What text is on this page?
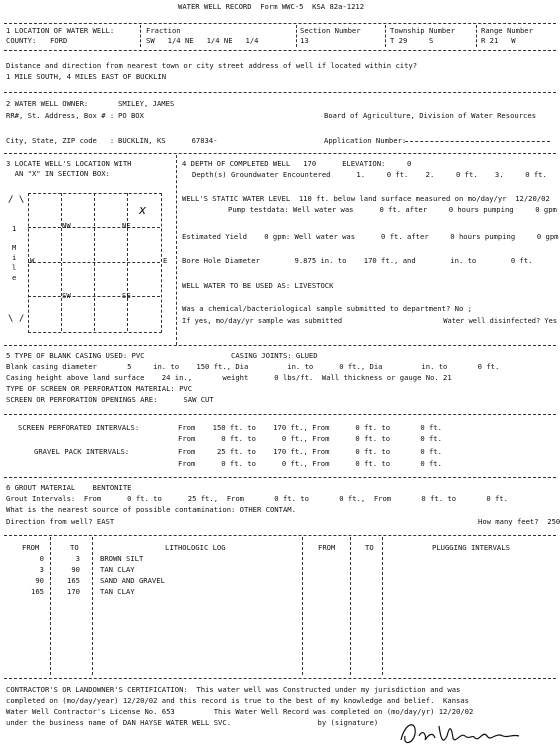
WATER WELL RECORD  Form WWC-5  KSA 82a-1212
1 LOCATION OF WATER WELL:
COUNTY: FORD
Fraction
SW   1/4 NE   1/4 NE   1/4
Section Number
13
Township Number
T 29     S
Range Number
R 21   W
Distance and direction from nearest town or city street address of well if located within city?
1 MILE SOUTH, 4 MILES EAST OF BUCKLIN
2 WATER WELL OWNER:	SMILEY, JAMES
RR#, St. Address, Box # : PO BOX	Board of Agriculture, Division of Water Resources
City, State, ZIP code   : BUCKLIN, KS      67834-	Application Number:
3 LOCATE WELL'S LOCATION WITH
AN "X" IN SECTION BOX:
NW	NE
SW	SE
W	E
1
M
i
l
e
/ \
\ /
x
4 DEPTH OF COMPLETED WELL   170      ELEVATION:     0
Depth(s) Groundwater Encountered      1.     0 ft.    2.     0 ft.    3.     0 ft.
WELL'S STATIC WATER LEVEL  110 ft. below land surface measured on mo/day/yr  12/20/02
Pump testdata: Well water was      0 ft. after     0 hours pumping     0 gpm
Estimated Yield    0 gpm: Well water was      0 ft. after     0 hours pumping     0 gpm
Bore Hole Diameter        9.875 in. to    170 ft., and        in. to        0 ft.
WELL WATER TO BE USED AS: LIVESTOCK
Was a chemical/bacteriological sample submitted to department? No ;
If yes, mo/day/yr sample was submitted                        Water well disinfected? Yes
5 TYPE OF BLANK CASING USED: PVC                    CASING JOINTS: GLUED
Blank casing diameter       5     in. to    150 ft., Dia         in. to      0 ft., Dia         in. to       0 ft.
Casing height above land surface    24 in.,       weight      0 lbs/ft.  Wall thickness or gauge No. 21
TYPE OF SCREEN OR PERFORATION MATERIAL: PVC
SCREEN OR PERFORATION OPENINGS ARE:      SAW CUT
SCREEN PERFORATED INTERVALS:	From    150 ft. to    170 ft., From      0 ft. to       0 ft.
From      0 ft. to      0 ft., From      0 ft. to       0 ft.
GRAVEL PACK INTERVALS:	From     25 ft. to    170 ft., From      0 ft. to       0 ft.
From      0 ft. to      0 ft., From      0 ft. to       0 ft.
6 GROUT MATERIAL    BENTONITE
Grout Intervals:  From      0 ft. to      25 ft.,  From       0 ft. to       0 ft.,  From       0 ft. to       0 ft.
What is the nearest source of possible contamination: OTHER CONTAM.
Direction from well? EAST	How many feet?  250
FROM	TO	LITHOLOGIC LOG	FROM	TO	PLUGGING INTERVALS
0	3	BROWN SILT
3	90	TAN CLAY
90	165	SAND AND GRAVEL
165	170	TAN CLAY
CONTRACTOR'S OR LANDOWNER'S CERTIFICATION:  This water well was Constructed under my jurisdiction and was
completed on (mo/day/year) 12/20/02 and this record is true to the best of my knowledge and belief.  Kansas
Water Well Contractor's License No. 653         This Water Well Record was completed on (mo/day/yr) 12/20/02
under the business name of DAN HAYSE WATER WELL SVC.                    by (signature)
